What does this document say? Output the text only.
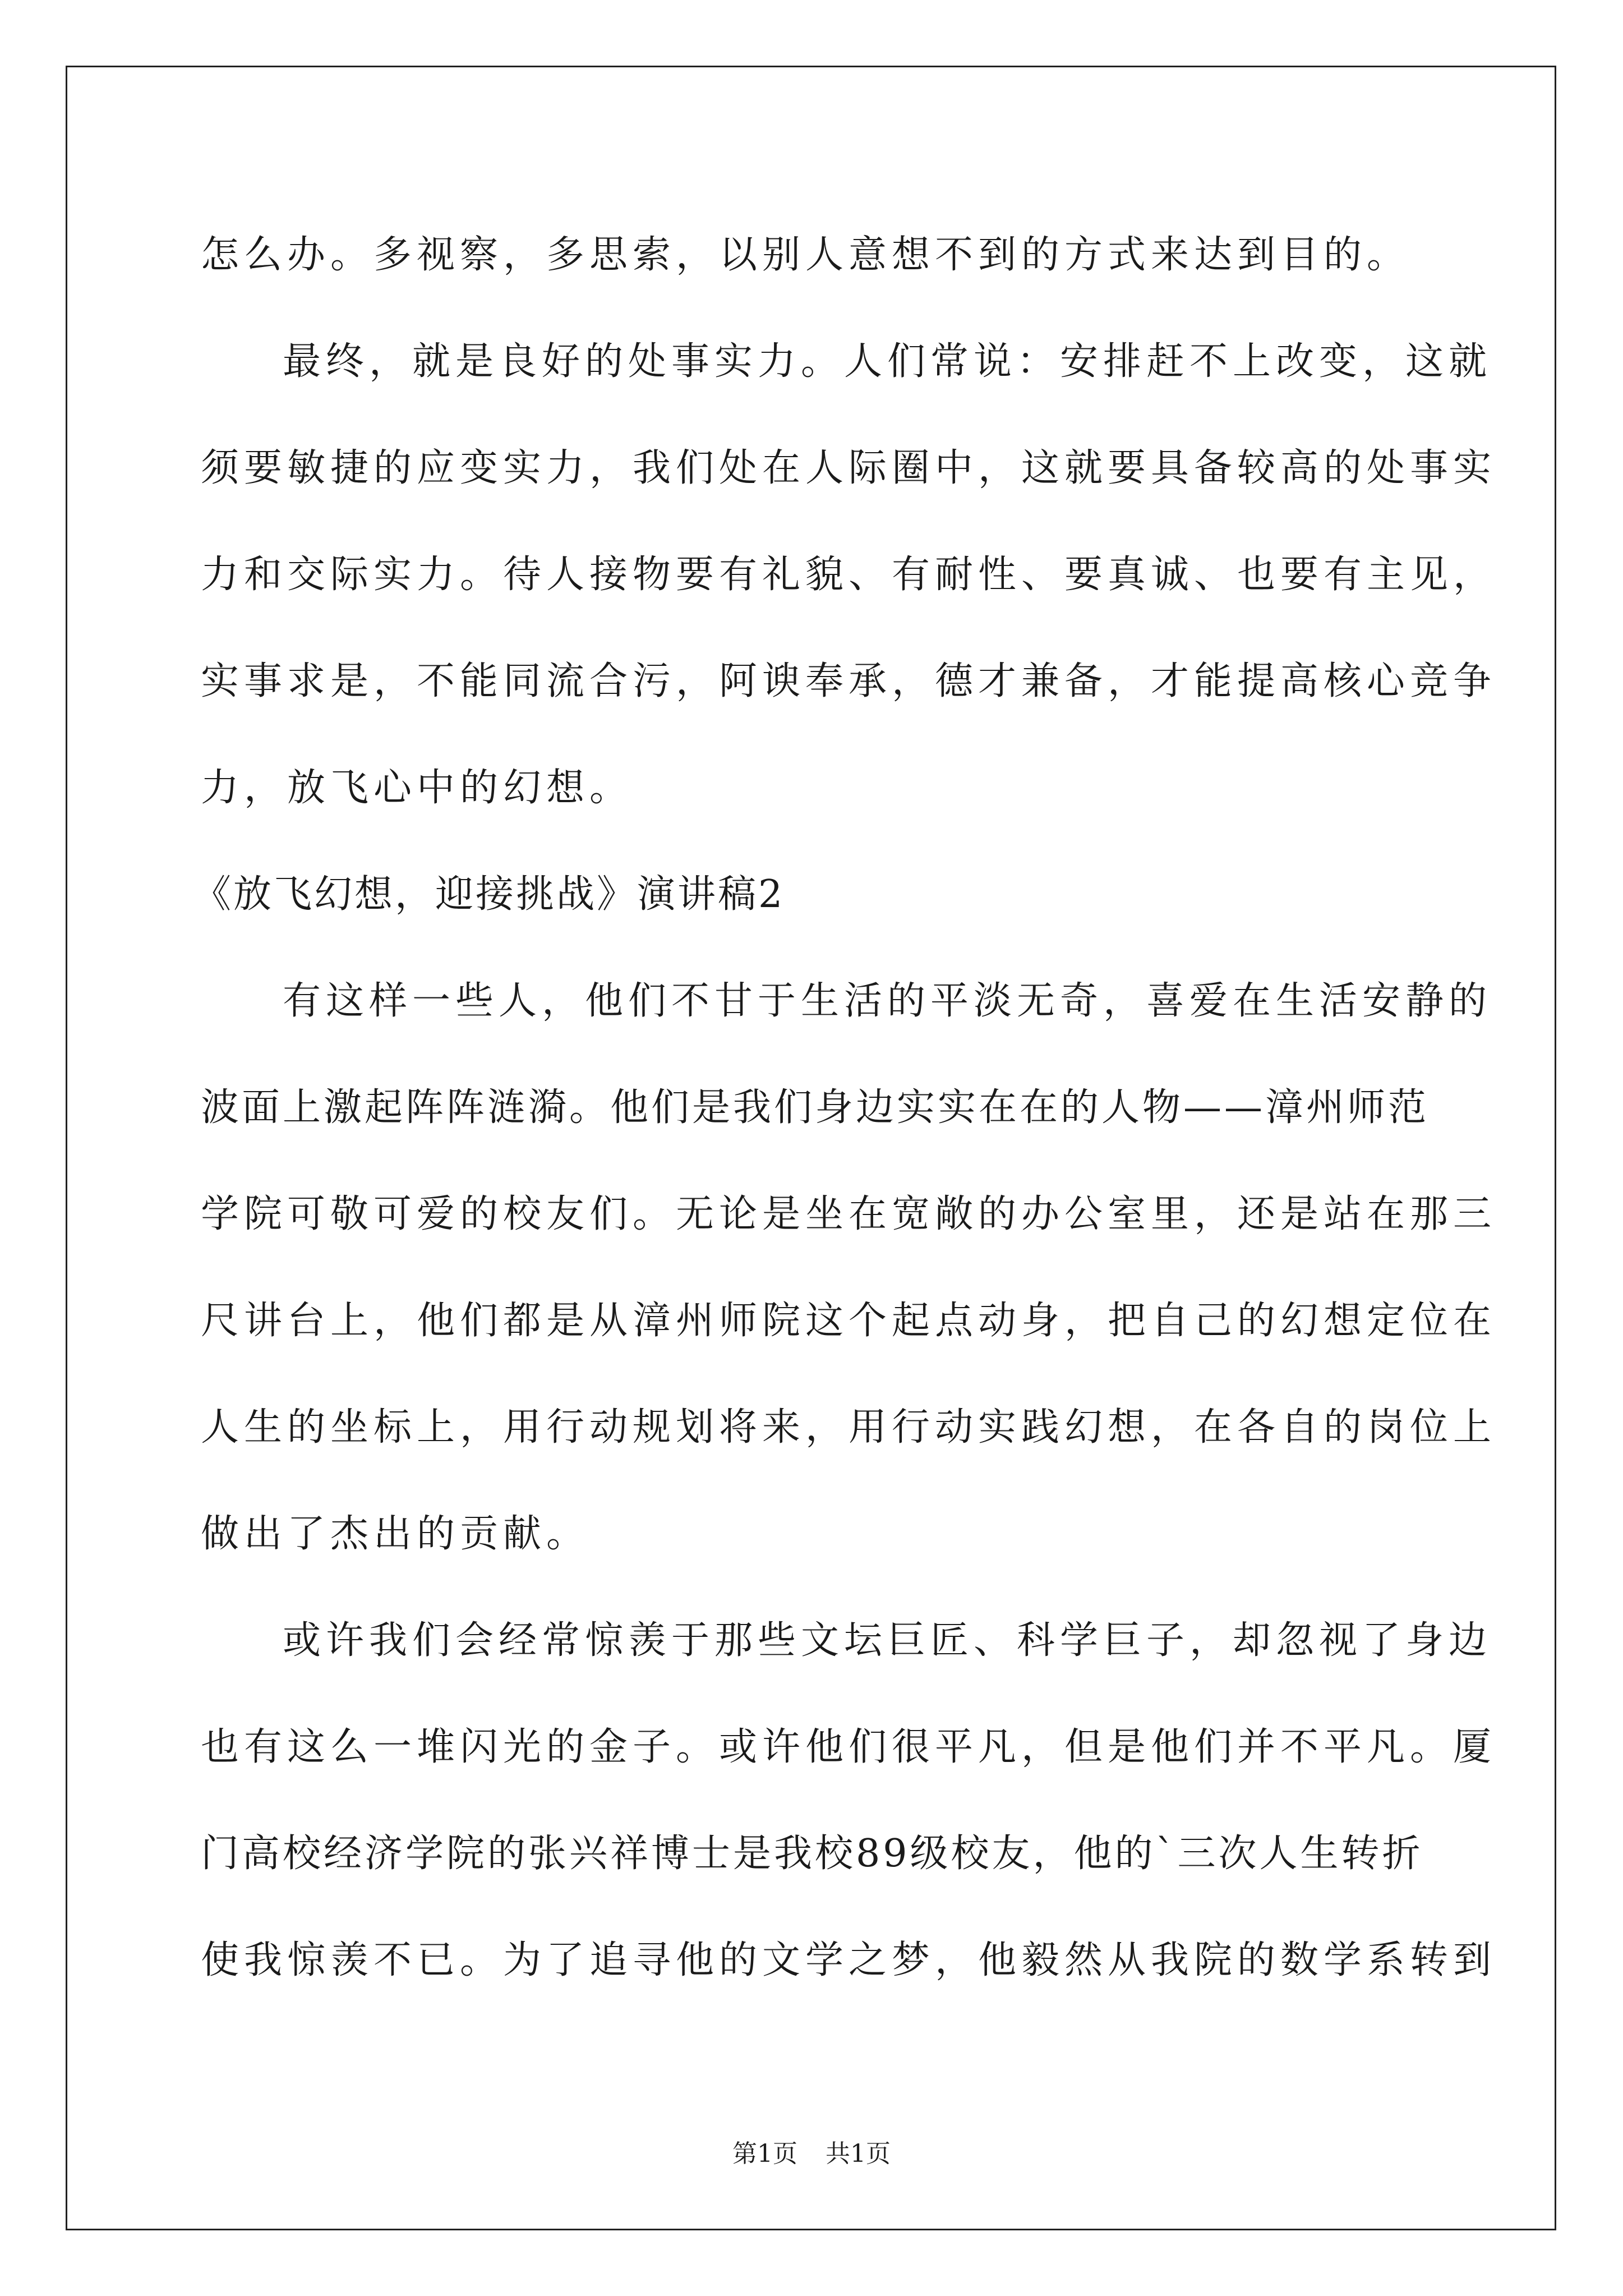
怎么办。多视察，多思索，以别人意想不到的方式来达到目的。
最终，就是良好的处事实力。人们常说：安排赶不上改变，这就
须要敏捷的应变实力，我们处在人际圈中，这就要具备较高的处事实
力和交际实力。待人接物要有礼貌、有耐性、要真诚、也要有主见，
实事求是，不能同流合污，阿谀奉承，德才兼备，才能提高核心竞争
力，放飞心中的幻想。
《放飞幻想，迎接挑战》演讲稿2
有这样一些人，他们不甘于生活的平淡无奇，喜爱在生活安静的
波面上激起阵阵涟漪。他们是我们身边实实在在的人物——漳州师范
学院可敬可爱的校友们。无论是坐在宽敞的办公室里，还是站在那三
尺讲台上，他们都是从漳州师院这个起点动身，把自己的幻想定位在
人生的坐标上，用行动规划将来，用行动实践幻想，在各自的岗位上
做出了杰出的贡献。
或许我们会经常惊羡于那些文坛巨匠、科学巨子，却忽视了身边
也有这么一堆闪光的金子。或许他们很平凡，但是他们并不平凡。厦
门高校经济学院的张兴祥博士是我校89级校友，他的`三次人生转折
使我惊羡不已。为了追寻他的文学之梦，他毅然从我院的数学系转到
第1页 共1页
